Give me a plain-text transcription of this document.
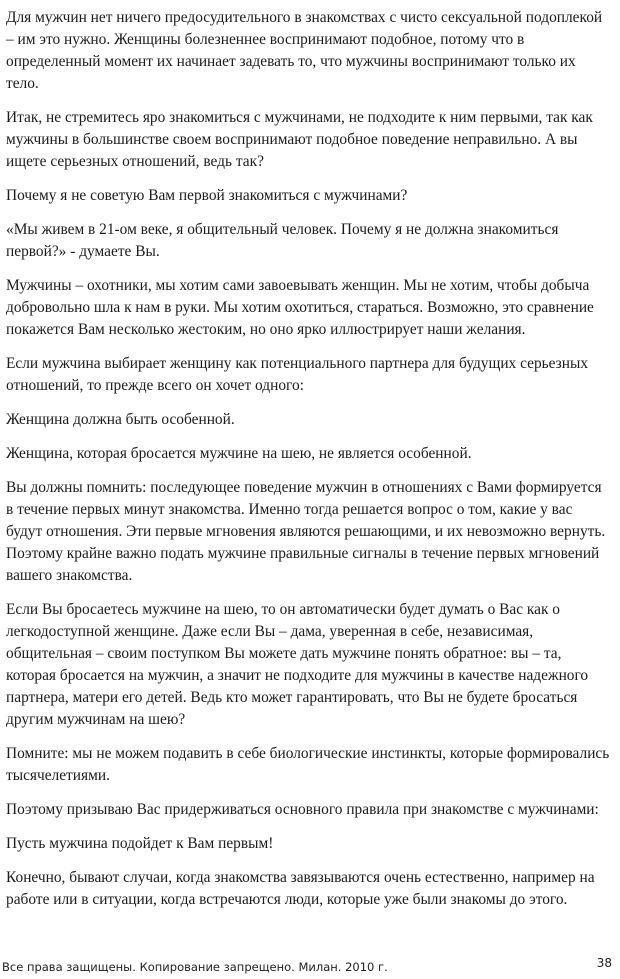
Для мужчин нет ничего предосудительного в знакомствах с чисто сексуальной подоплекой – им это нужно. Женщины болезненнее воспринимают подобное, потому что в определенный момент их начинает задевать то, что мужчины воспринимают только их тело.

Итак, не стремитесь яро знакомиться с мужчинами, не подходите к ним первыми, так как мужчины в большинстве своем воспринимают подобное поведение неправильно. А вы ищете серьезных отношений, ведь так?

Почему я не советую Вам первой знакомиться с мужчинами?

«Мы живем в 21-ом веке, я общительный человек. Почему я не должна знакомиться первой?» - думаете Вы.

Мужчины – охотники, мы хотим сами завоевывать женщин. Мы не хотим, чтобы добыча добровольно шла к нам в руки. Мы хотим охотиться, стараться. Возможно, это сравнение покажется Вам несколько жестоким, но оно ярко иллюстрирует наши желания.

Если мужчина выбирает женщину как потенциального партнера для будущих серьезных отношений, то прежде всего он хочет одного:

Женщина должна быть особенной.

Женщина, которая бросается мужчине на шею, не является особенной.

Вы должны помнить: последующее поведение мужчин в отношениях с Вами формируется в течение первых минут знакомства. Именно тогда решается вопрос о том, какие у вас будут отношения. Эти первые мгновения являются решающими, и их невозможно вернуть. Поэтому крайне важно подать мужчине правильные сигналы в течение первых мгновений вашего знакомства.

Если Вы бросаетесь мужчине на шею, то он автоматически будет думать о Вас как о легкодоступной женщине. Даже если Вы – дама, уверенная в себе, независимая, общительная – своим поступком Вы можете дать мужчине понять обратное: вы – та, которая бросается на мужчин, а значит не подходите для мужчины в качестве надежного партнера, матери его детей. Ведь кто может гарантировать, что Вы не будете бросаться другим мужчинам на шею?

Помните: мы не можем подавить в себе биологические инстинкты, которые формировались тысячелетиями.

Поэтому призываю Вас придерживаться основного правила при знакомстве с мужчинами:

Пусть мужчина подойдет к Вам первым!

Конечно, бывают случаи, когда знакомства завязываются очень естественно, например на работе или в ситуации, когда встречаются люди, которые уже были знакомы до этого.

Все права защищены. Копирование запрещено. Милан. 2010 г.	38
